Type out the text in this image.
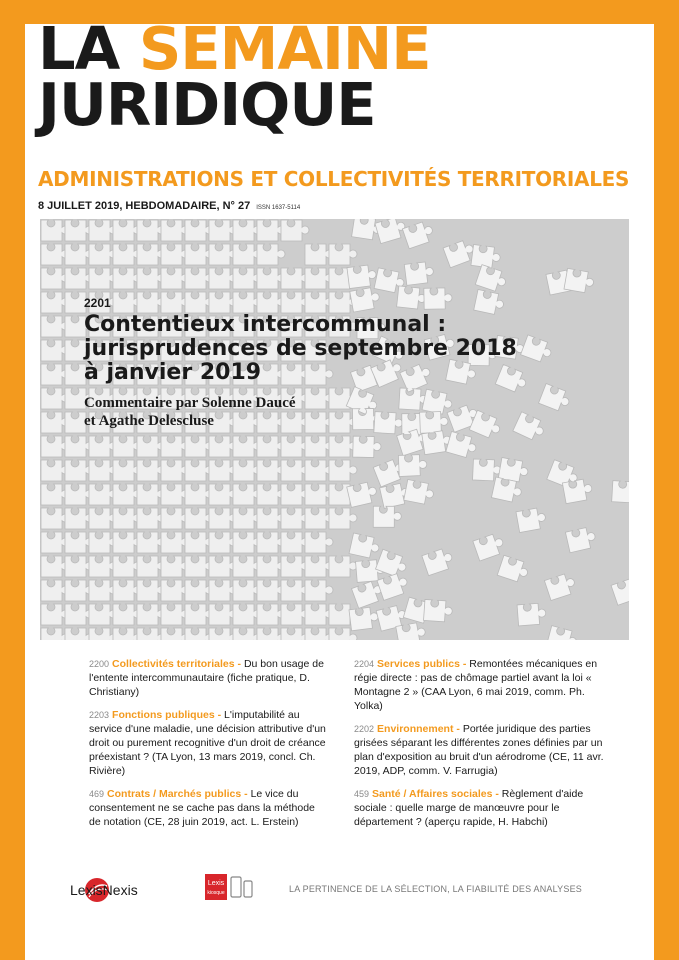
LA SEMAINE
JURIDIQUE
ADMINISTRATIONS ET COLLECTIVITÉS TERRITORIALES
8 JUILLET 2019, HEBDOMADAIRE, N° 27 ISSN 1637-5114
2201
Contentieux intercommunal :
jurisprudences de septembre 2018
à janvier 2019
Commentaire par Solenne Daucé
et Agathe Delescluse
2200 Collectivités territoriales - Du bon usage de l'entente intercommunautaire (fiche pratique, D. Christiany)
2203 Fonctions publiques - L'imputabilité au service d'une maladie, une décision attributive d'un droit ou purement recognitive d'un droit de créance préexistant ? (TA Lyon, 13 mars 2019, concl. Ch. Rivière)
469 Contrats / Marchés publics - Le vice du consentement ne se cache pas dans la méthode de notation (CE, 28 juin 2019, act. L. Erstein)
2204 Services publics - Remontées mécaniques en régie directe : pas de chômage partiel avant la loi « Montagne 2 » (CAA Lyon, 6 mai 2019, comm. Ph. Yolka)
2202 Environnement - Portée juridique des parties grisées séparant les différentes zones définies par un plan d'exposition au bruit d'un aérodrome (CE, 11 avr. 2019, ADP, comm. V. Farrugia)
459 Santé / Affaires sociales - Règlement d'aide sociale : quelle marge de manœuvre pour le département ? (aperçu rapide, H. Habchi)
LexisNexis	Lexis
kiosque	LA PERTINENCE DE LA SÉLECTION, LA FIABILITÉ DES ANALYSES
